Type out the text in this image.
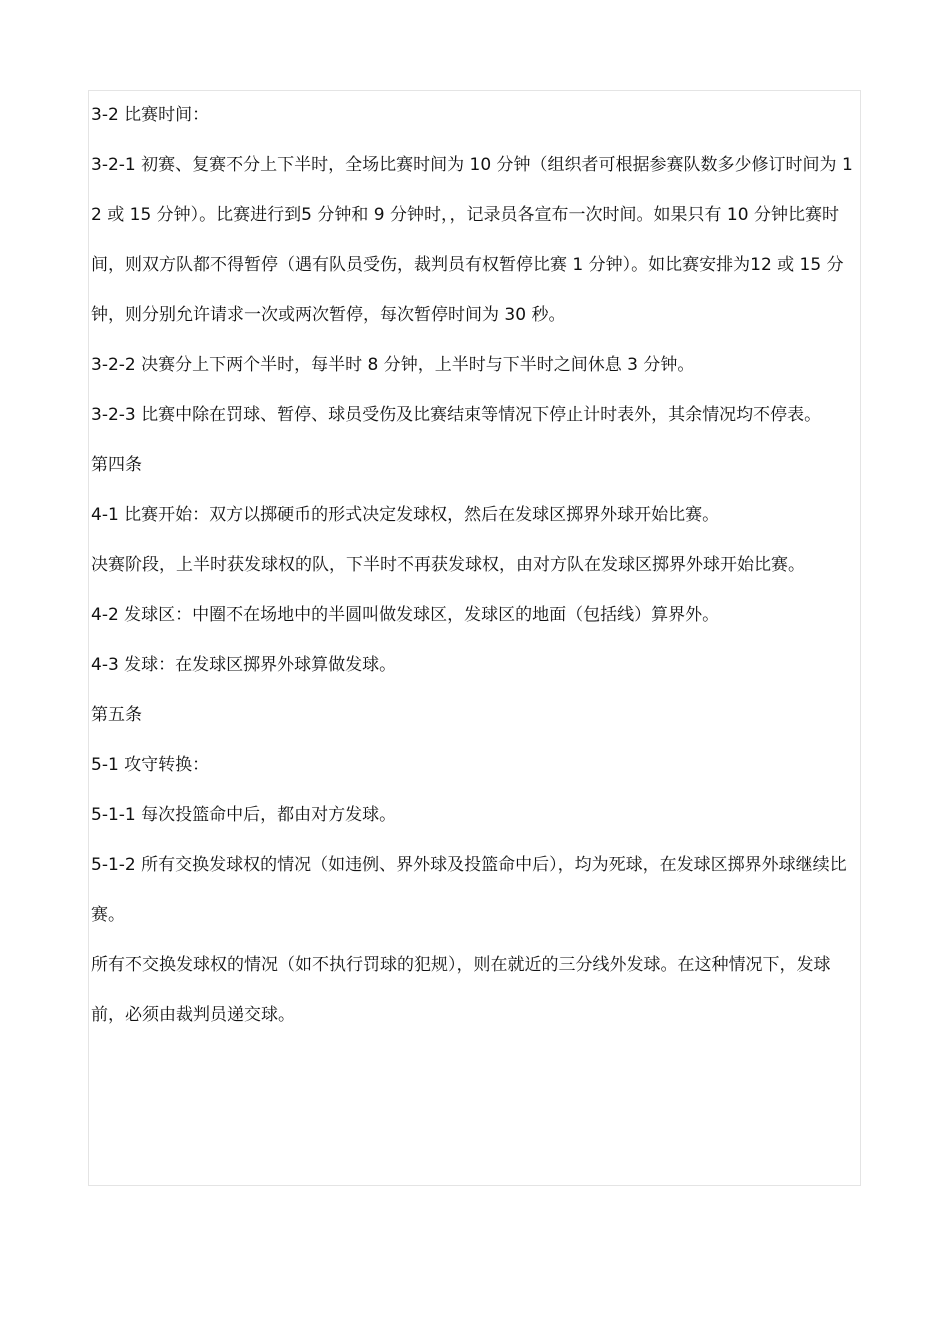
3-2 比赛时间：

3-2-1 初赛、复赛不分上下半时，全场比赛时间为 10 分钟（组织者可根据参赛队数多少修订时间为 12 或 15 分钟）。比赛进行到5 分钟和 9 分钟时，，记录员各宣布一次时间。如果只有 10 分钟比赛时间，则双方队都不得暂停（遇有队员受伤，裁判员有权暂停比赛 1 分钟）。如比赛安排为12 或 15 分钟，则分别允许请求一次或两次暂停，每次暂停时间为 30 秒。

3-2-2 决赛分上下两个半时，每半时 8 分钟，上半时与下半时之间休息 3 分钟。

3-2-3 比赛中除在罚球、暂停、球员受伤及比赛结束等情况下停止计时表外，其余情况均不停表。

第四条

4-1 比赛开始：双方以掷硬币的形式决定发球权，然后在发球区掷界外球开始比赛。

决赛阶段，上半时获发球权的队，下半时不再获发球权，由对方队在发球区掷界外球开始比赛。

4-2 发球区：中圈不在场地中的半圆叫做发球区，发球区的地面（包括线）算界外。

4-3 发球：在发球区掷界外球算做发球。

第五条

5-1 攻守转换：

5-1-1 每次投篮命中后，都由对方发球。

5-1-2 所有交换发球权的情况（如违例、界外球及投篮命中后），均为死球，在发球区掷界外球继续比赛。

所有不交换发球权的情况（如不执行罚球的犯规），则在就近的三分线外发球。在这种情况下，发球前，必须由裁判员递交球。
